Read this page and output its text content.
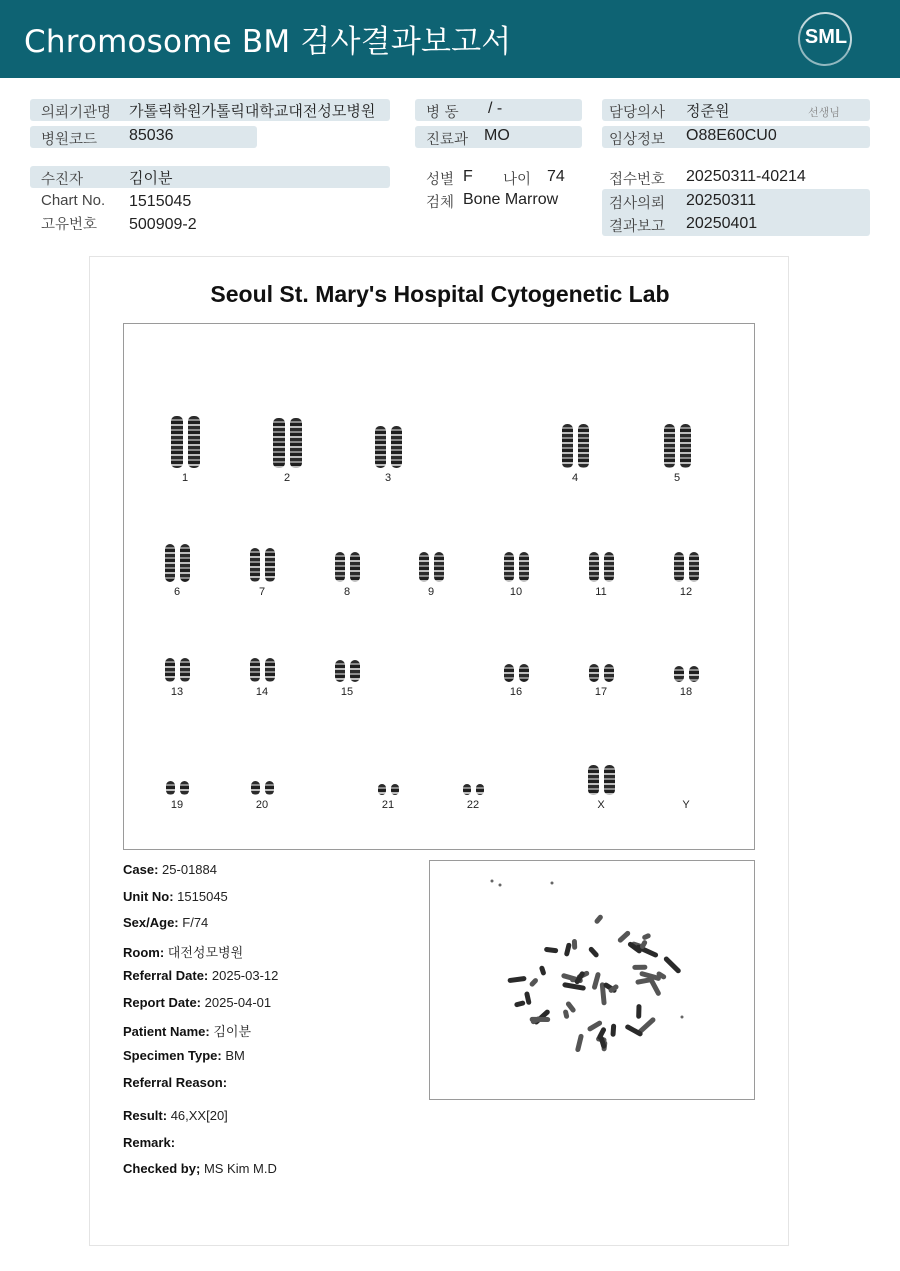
Chromosome BM 검사결과보고서	SML
의뢰기관명 가톨릭학원가톨릭대학교대전성모병원
병원코드 85036
병 동 / -
진료과 MO
담당의사 정준원	선생님
임상정보 O88E60CU0
수진자	김이분
Chart No. 1515045
고유번호 500909-2
성별 F 나이 74
검체 Bone Marrow
접수번호 20250311-40214
검사의뢰 20250311
결과보고 20250401
Seoul St. Mary's Hospital Cytogenetic Lab
1	2	3	4	5
6	7	8	9	10	11	12
13	14	15	16	17	18
19	20	21	22	X	Y
Case: 25-01884
Unit No: 1515045
Sex/Age: F/74
Room: 대전성모병원
Referral Date: 2025-03-12
Report Date: 2025-04-01
Patient Name: 김이분
Specimen Type: BM
Referral Reason:
Result: 46,XX[20]
Remark:
Checked by; MS Kim M.D
